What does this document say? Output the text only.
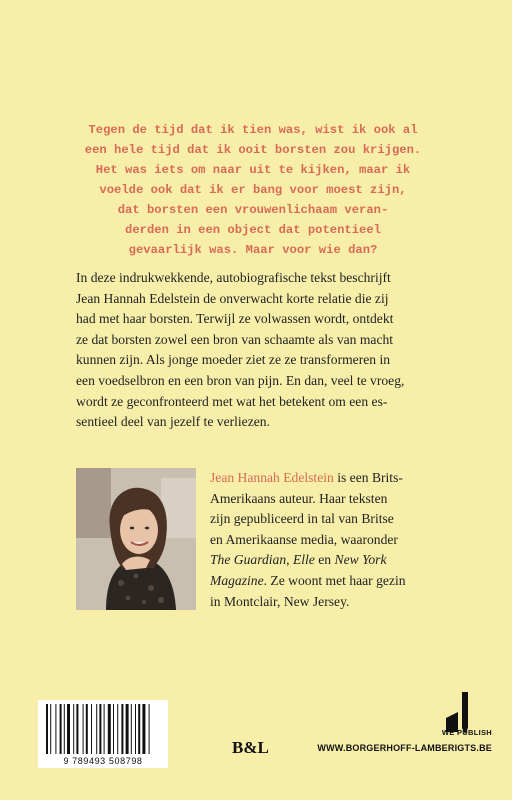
Tegen de tijd dat ik tien was, wist ik ook al
een hele tijd dat ik ooit borsten zou krijgen.
Het was iets om naar uit te kijken, maar ik
voelde ook dat ik er bang voor moest zijn,
dat borsten een vrouwenlichaam veran-
derden in een object dat potentieel
gevaarlijk was. Maar voor wie dan?
In deze indrukwekkende, autobiografische tekst beschrijft
Jean Hannah Edelstein de onverwacht korte relatie die zij
had met haar borsten. Terwijl ze volwassen wordt, ontdekt
ze dat borsten zowel een bron van schaamte als van macht
kunnen zijn. Als jonge moeder ziet ze ze transformeren in
een voedselbron en een bron van pijn. En dan, veel te vroeg,
wordt ze geconfronteerd met wat het betekent om een es-
sentieel deel van jezelf te verliezen.
Jean Hannah Edelstein is een Brits-
Amerikaans auteur. Haar teksten
zijn gepubliceerd in tal van Britse
en Amerikaanse media, waaronder
The Guardian, Elle en New York
Magazine. Ze woont met haar gezin
in Montclair, New Jersey.
9 789493 508798
B&L
WE PUBLISH
WWW.BORGERHOFF-LAMBERIGTS.BE
